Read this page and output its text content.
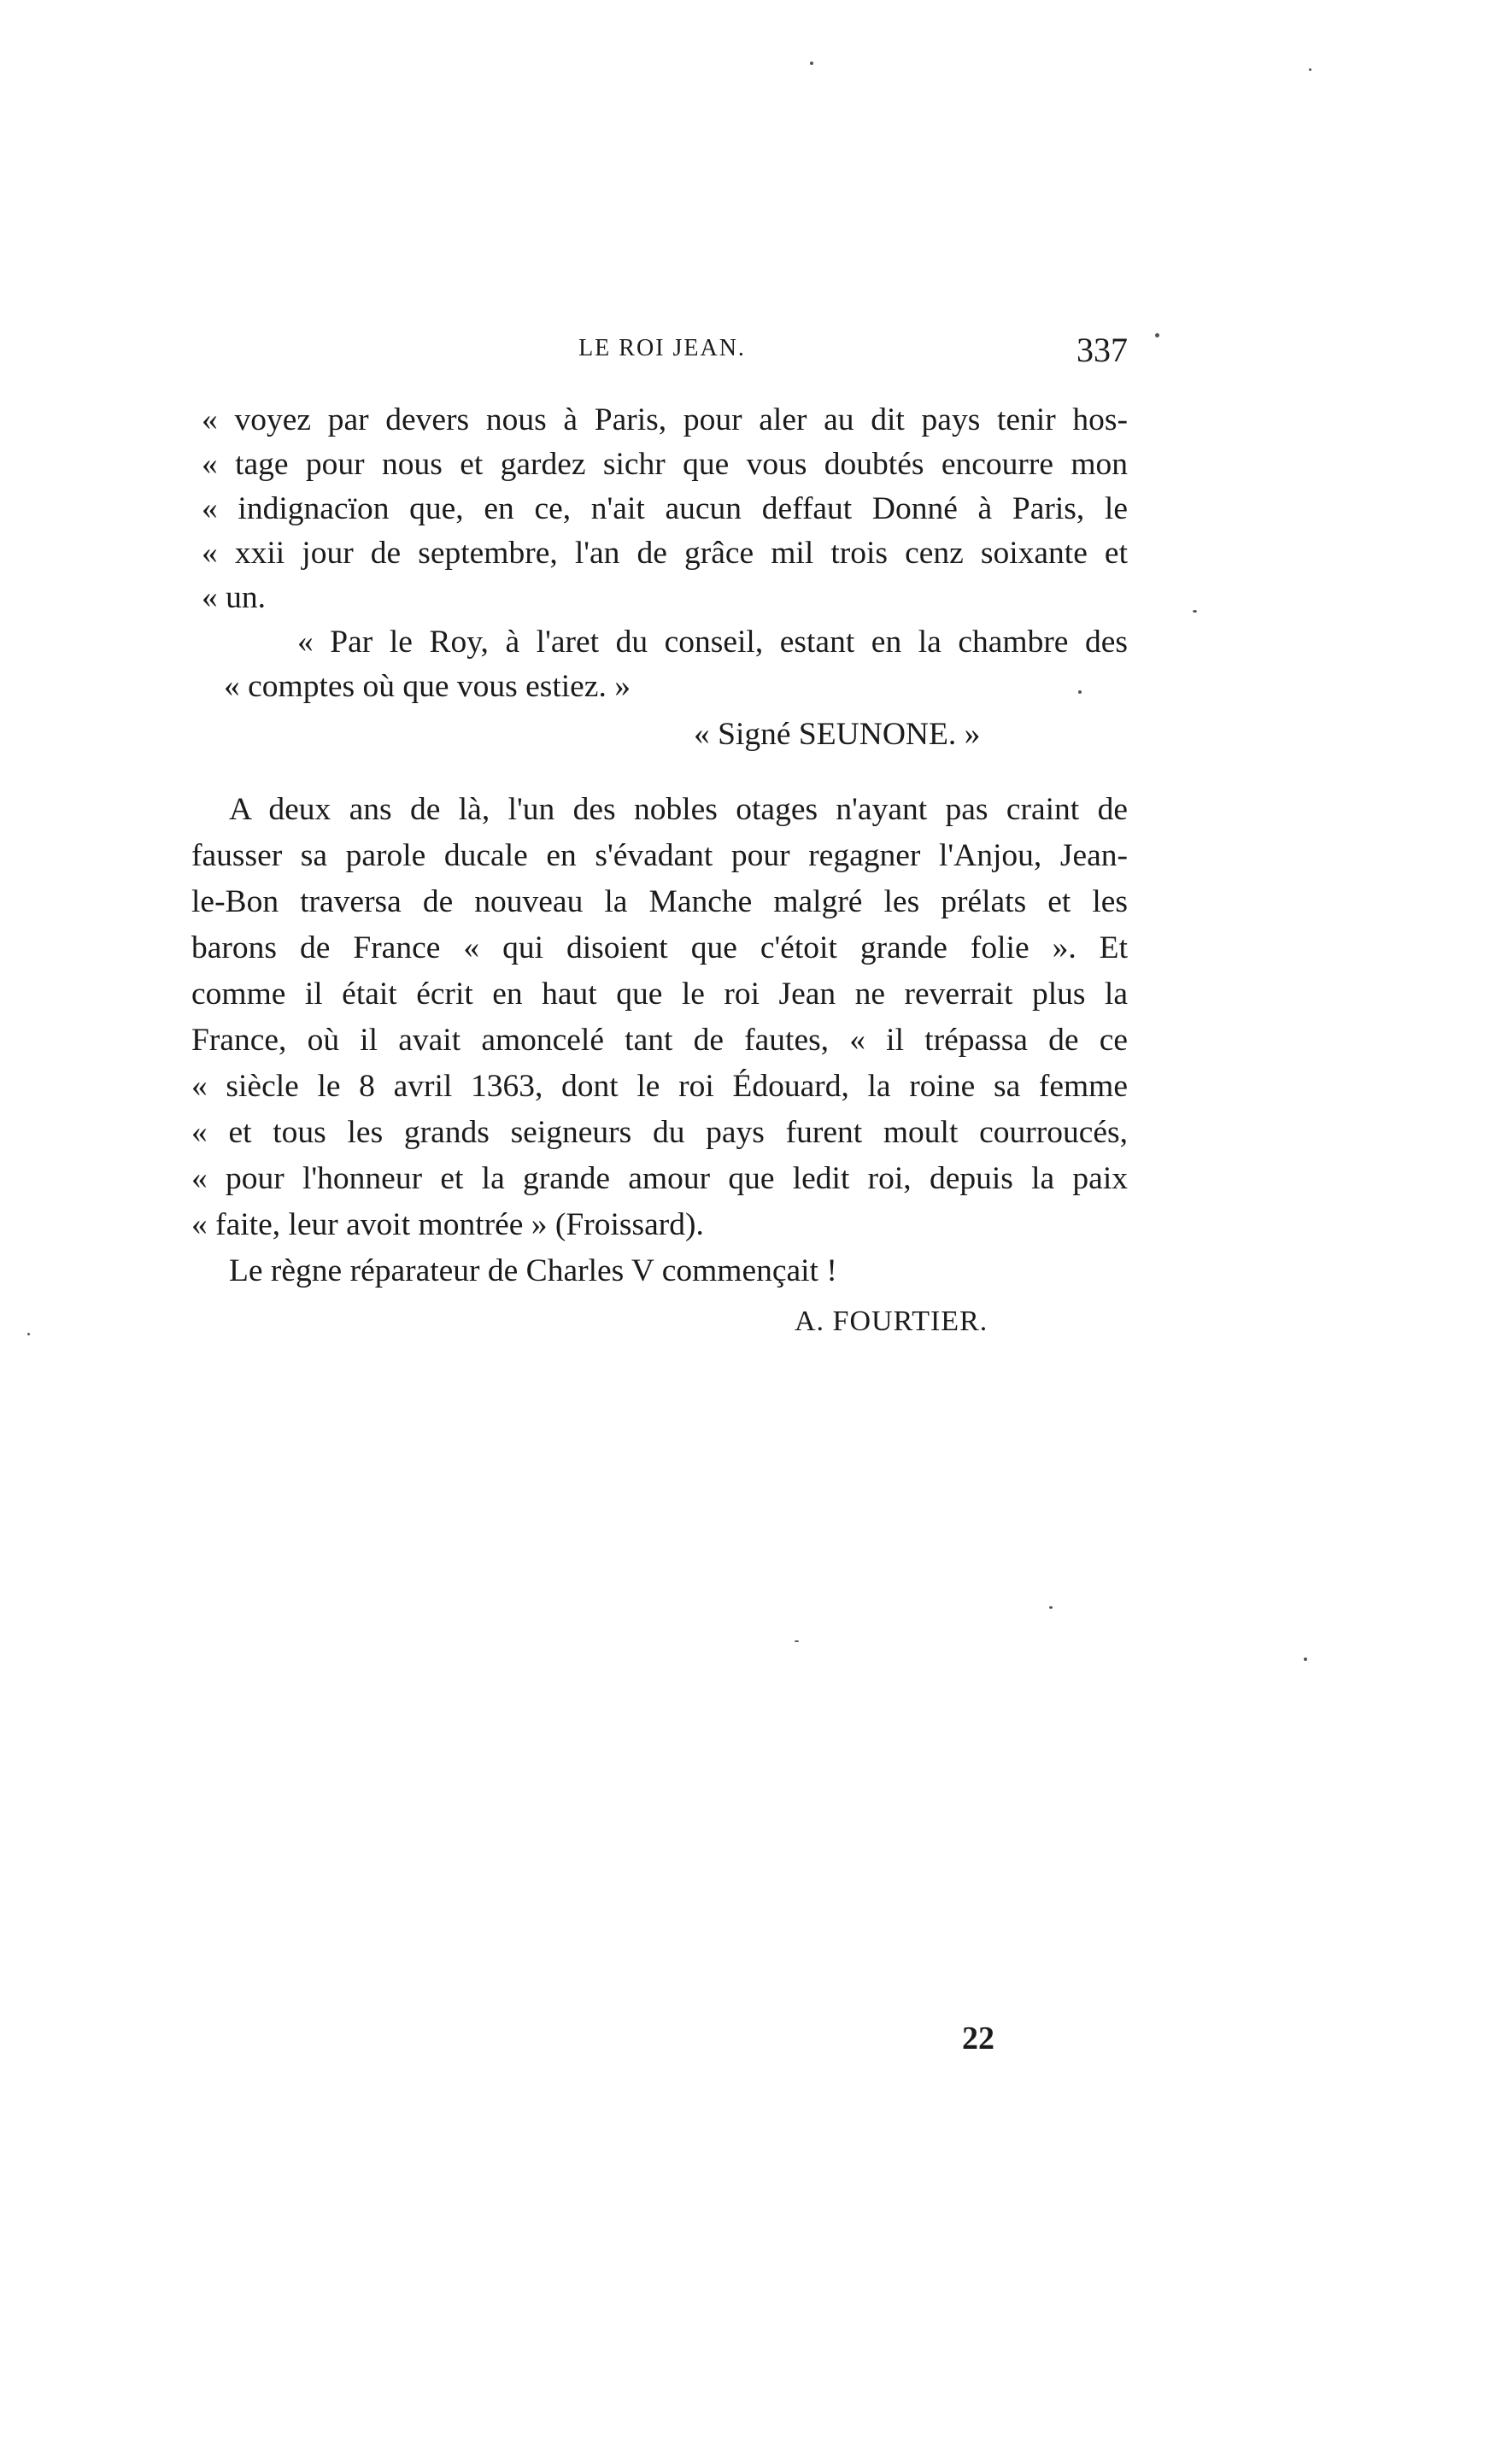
LE ROI JEAN.	337
« voyez par devers nous à Paris, pour aler au dit pays tenir hos-
« tage pour nous et gardez sichr que vous doubtés encourre mon
« indignacïon que, en ce, n'ait aucun deffaut Donné à Paris, le
« xxii jour de septembre, l'an de grâce mil trois cenz soixante et
« un.
« Par le Roy, à l'aret du conseil, estant en la chambre des
« comptes où que vous estiez. »
« Signé SEUNONE. »
A deux ans de là, l'un des nobles otages n'ayant pas craint de
fausser sa parole ducale en s'évadant pour regagner l'Anjou, Jean-
le-Bon traversa de nouveau la Manche malgré les prélats et les
barons de France « qui disoient que c'étoit grande folie ». Et
comme il était écrit en haut que le roi Jean ne reverrait plus la
France, où il avait amoncelé tant de fautes, « il trépassa de ce
« siècle le 8 avril 1363, dont le roi Édouard, la roine sa femme
« et tous les grands seigneurs du pays furent moult courroucés,
« pour l'honneur et la grande amour que ledit roi, depuis la paix
« faite, leur avoit montrée » (Froissard).
Le règne réparateur de Charles V commençait !
A. FOURTIER.
22
